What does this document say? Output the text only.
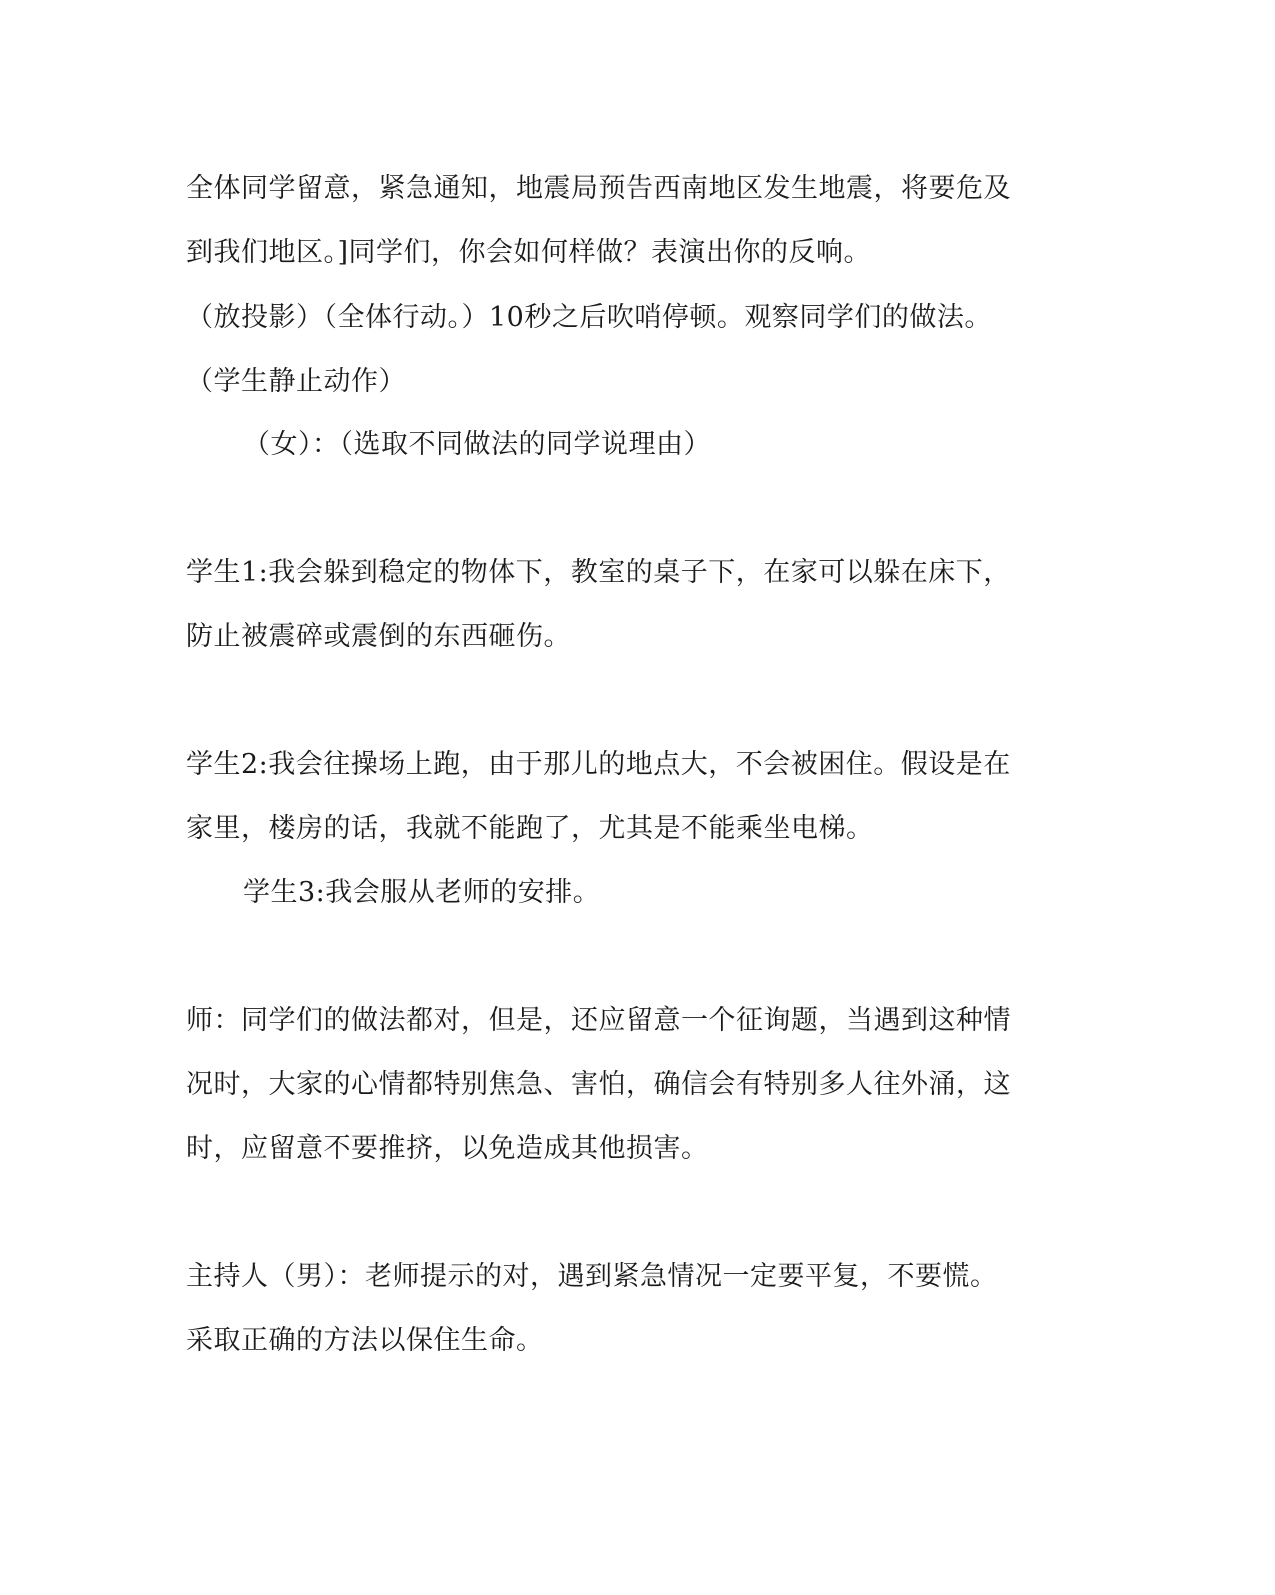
全体同学留意，紧急通知，地震局预告西南地区发生地震，将要危及
到我们地区。]同学们，你会如何样做？表演出你的反响。
（放投影）（全体行动。）10秒之后吹哨停顿。观察同学们的做法。
（学生静止动作）
（女）：（选取不同做法的同学说理由）
学生1:我会躲到稳定的物体下，教室的桌子下，在家可以躲在床下，
防止被震碎或震倒的东西砸伤。
学生2:我会往操场上跑，由于那儿的地点大，不会被困住。假设是在
家里，楼房的话，我就不能跑了，尤其是不能乘坐电梯。
学生3:我会服从老师的安排。
师：同学们的做法都对，但是，还应留意一个征询题，当遇到这种情
况时，大家的心情都特别焦急、害怕，确信会有特别多人往外涌，这
时，应留意不要推挤，以免造成其他损害。
主持人（男）：老师提示的对，遇到紧急情况一定要平复，不要慌。
采取正确的方法以保住生命。
